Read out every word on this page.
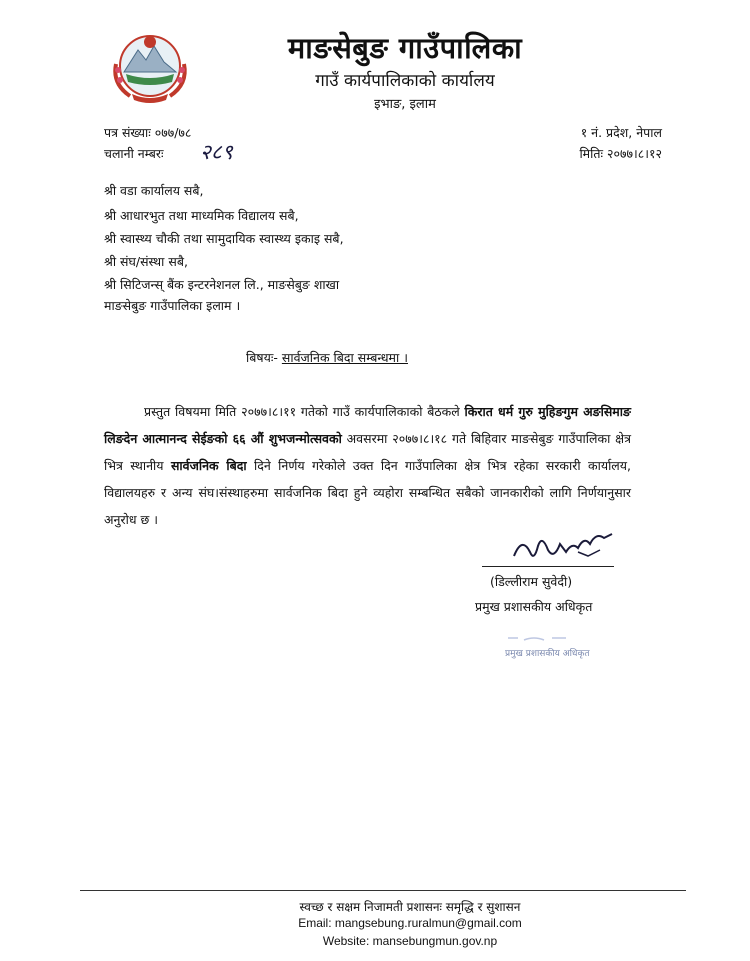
माङसेबुङ गाउँपालिका
गाउँ कार्यपालिकाको कार्यालय
इभाङ, इलाम
पत्र संख्याः ०७७/७८
चलानी नम्बरः २८९
१ नं. प्रदेश, नेपाल
मितिः २०७७।८।१२
श्री वडा कार्यालय सबै,
श्री आधारभुत तथा माध्यमिक विद्यालय सबै,
श्री स्वास्थ्य चौकी तथा सामुदायिक स्वास्थ्य इकाइ सबै,
श्री संघ/संस्था सबै,
श्री सिटिजन्स् बैंक इन्टरनेशनल लि., माङसेबुङ शाखा
माङसेबुङ गाउँपालिका इलाम ।
बिषयः- सार्वजनिक बिदा सम्बन्धमा ।
प्रस्तुत विषयमा मिति २०७७।८।११ गतेको गाउँ कार्यपालिकाको बैठकले किरात धर्म गुरु मुहिङगुम अङसिमाङ लिङदेन आत्मानन्द सेईङको ६६ औं शुभजन्मोत्सवको अवसरमा २०७७।८।१८ गते बिहिवार माङसेबुङ गाउँपालिका क्षेत्र भित्र स्थानीय सार्वजनिक बिदा दिने निर्णय गरेकोले उक्त दिन गाउँपालिका क्षेत्र भित्र रहेका सरकारी कार्यालय, विद्यालयहरु र अन्य संघ।संस्थाहरुमा सार्वजनिक बिदा हुने व्यहोरा सम्बन्धित सबैको जानकारीको लागि निर्णयानुसार अनुरोध छ ।
(डिल्लीराम सुवेदी)
प्रमुख प्रशासकीय अधिकृत
प्रमुख प्रशासकीय अधिकृत
स्वच्छ र सक्षम निजामती प्रशासनः समृद्धि र सुशासन
Email: mangsebung.ruralmun@gmail.com
Website: mansebungmun.gov.np
